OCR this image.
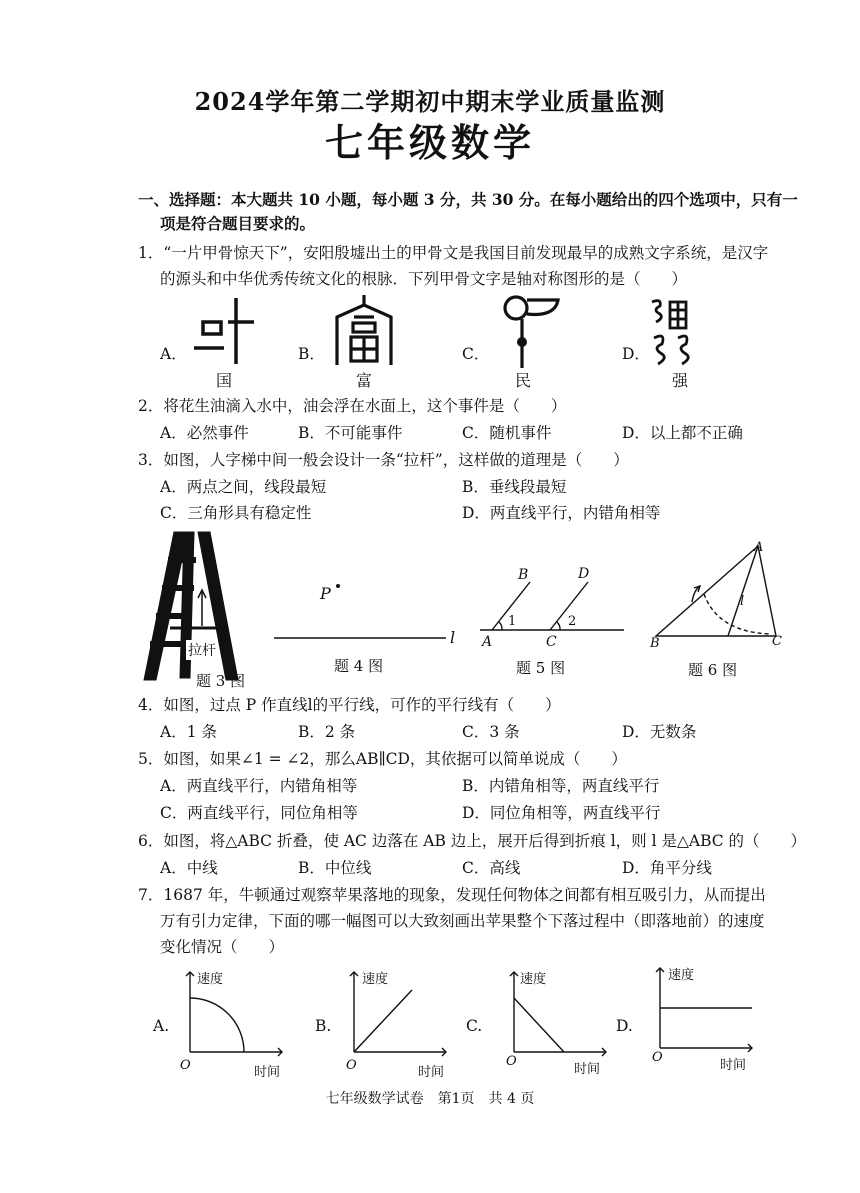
2024学年第二学期初中期末学业质量监测
七年级数学
一、选择题：本大题共 10 小题，每小题 3 分，共 30 分。在每小题给出的四个选项中，只有一
项是符合题目要求的。
1．“一片甲骨惊天下”，安阳殷墟出土的甲骨文是我国目前发现最早的成熟文字系统，是汉字
的源头和中华优秀传统文化的根脉．下列甲骨文字是轴对称图形的是（　　）
A．
国
B．
富
C．
民
D．
强
2．将花生油滴入水中，油会浮在水面上，这个事件是（　　）
A．必然事件	B．不可能事件	C．随机事件	D．以上都不正确
3．如图，人字梯中间一般会设计一条“拉杆”，这样做的道理是（　　）
A．两点之间，线段最短	B．垂线段最短
C．三角形具有稳定性	D．两直线平行，内错角相等
拉杆
题 3 图
P
l
题 4 图
B	D
A	C
1	2
题 5 图
A
B	C
l
题 6 图
4．如图，过点 P 作直线l的平行线，可作的平行线有（　　）
A．1 条	B．2 条	C．3 条	D．无数条
5．如图，如果∠1 = ∠2，那么AB∥CD，其依据可以简单说成（　　）
A．两直线平行，内错角相等	B．内错角相等，两直线平行
C．两直线平行，同位角相等	D．同位角相等，两直线平行
6．如图，将△ABC 折叠，使 AC 边落在 AB 边上，展开后得到折痕 l，则 l 是△ABC 的（　　）
A．中线	B．中位线	C．高线	D．角平分线
7．1687 年，牛顿通过观察苹果落地的现象，发现任何物体之间都有相互吸引力，从而提出
万有引力定律，下面的哪一幅图可以大致刻画出苹果整个下落过程中（即落地前）的速度
变化情况（　　）
A.
速度
时间
O
B.
速度
时间
O
C.
速度
时间
O
D.
速度
时间
O
七年级数学试卷　第1页　共 4 页
